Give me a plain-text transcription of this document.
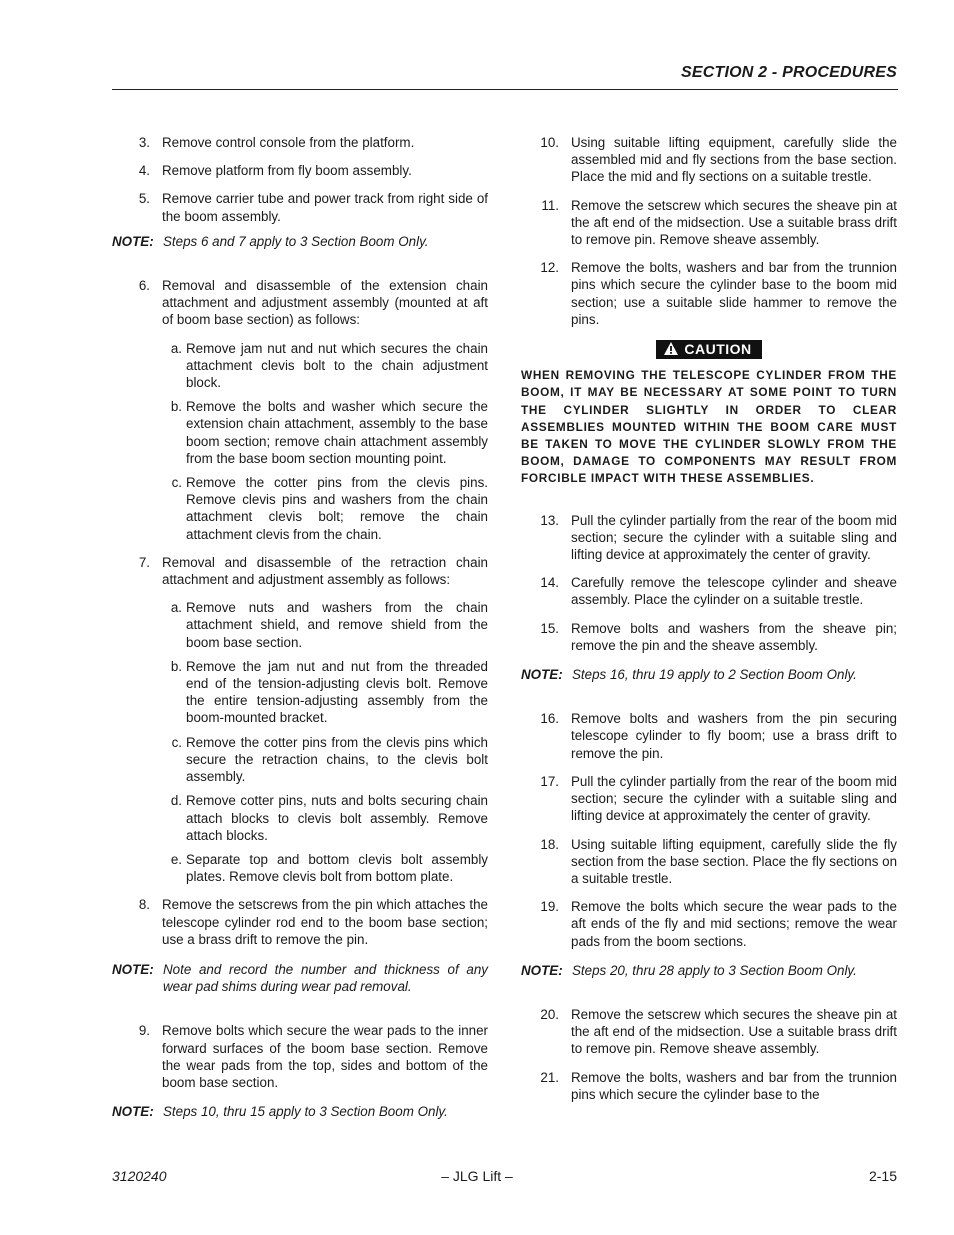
SECTION 2 - PROCEDURES
3. Remove control console from the platform.
4. Remove platform from fly boom assembly.
5. Remove carrier tube and power track from right side of the boom assembly.
NOTE: Steps 6 and 7 apply to 3 Section Boom Only.
6. Removal and disassemble of the extension chain attachment and adjustment assembly (mounted at aft of boom base section) as follows:
a. Remove jam nut and nut which secures the chain attachment clevis bolt to the chain adjustment block.
b. Remove the bolts and washer which secure the extension chain attachment, assembly to the base boom section; remove chain attachment assembly from the base boom section mounting point.
c. Remove the cotter pins from the clevis pins. Remove clevis pins and washers from the chain attachment clevis bolt; remove the chain attachment clevis from the chain.
7. Removal and disassemble of the retraction chain attachment and adjustment assembly as follows:
a. Remove nuts and washers from the chain attachment shield, and remove shield from the boom base section.
b. Remove the jam nut and nut from the threaded end of the tension-adjusting clevis bolt. Remove the entire tension-adjusting assembly from the boom-mounted bracket.
c. Remove the cotter pins from the clevis pins which secure the retraction chains, to the clevis bolt assembly.
d. Remove cotter pins, nuts and bolts securing chain attach blocks to clevis bolt assembly. Remove attach blocks.
e. Separate top and bottom clevis bolt assembly plates. Remove clevis bolt from bottom plate.
8. Remove the setscrews from the pin which attaches the telescope cylinder rod end to the boom base section; use a brass drift to remove the pin.
NOTE: Note and record the number and thickness of any wear pad shims during wear pad removal.
9. Remove bolts which secure the wear pads to the inner forward surfaces of the boom base section. Remove the wear pads from the top, sides and bottom of the boom base section.
NOTE: Steps 10, thru 15 apply to 3 Section Boom Only.
10. Using suitable lifting equipment, carefully slide the assembled mid and fly sections from the base section. Place the mid and fly sections on a suitable trestle.
11. Remove the setscrew which secures the sheave pin at the aft end of the midsection. Use a suitable brass drift to remove pin. Remove sheave assembly.
12. Remove the bolts, washers and bar from the trunnion pins which secure the cylinder base to the boom mid section; use a suitable slide hammer to remove the pins.
CAUTION
WHEN REMOVING THE TELESCOPE CYLINDER FROM THE BOOM, IT MAY BE NECESSARY AT SOME POINT TO TURN THE CYLINDER SLIGHTLY IN ORDER TO CLEAR ASSEMBLIES MOUNTED WITHIN THE BOOM CARE MUST BE TAKEN TO MOVE THE CYLINDER SLOWLY FROM THE BOOM, DAMAGE TO COMPONENTS MAY RESULT FROM FORCIBLE IMPACT WITH THESE ASSEMBLIES.
13. Pull the cylinder partially from the rear of the boom mid section; secure the cylinder with a suitable sling and lifting device at approximately the center of gravity.
14. Carefully remove the telescope cylinder and sheave assembly. Place the cylinder on a suitable trestle.
15. Remove bolts and washers from the sheave pin; remove the pin and the sheave assembly.
NOTE: Steps 16, thru 19 apply to 2 Section Boom Only.
16. Remove bolts and washers from the pin securing telescope cylinder to fly boom; use a brass drift to remove the pin.
17. Pull the cylinder partially from the rear of the boom mid section; secure the cylinder with a suitable sling and lifting device at approximately the center of gravity.
18. Using suitable lifting equipment, carefully slide the fly section from the base section. Place the fly sections on a suitable trestle.
19. Remove the bolts which secure the wear pads to the aft ends of the fly and mid sections; remove the wear pads from the boom sections.
NOTE: Steps 20, thru 28 apply to 3 Section Boom Only.
20. Remove the setscrew which secures the sheave pin at the aft end of the midsection. Use a suitable brass drift to remove pin. Remove sheave assembly.
21. Remove the bolts, washers and bar from the trunnion pins which secure the cylinder base to the
3120240	– JLG Lift –	2-15
